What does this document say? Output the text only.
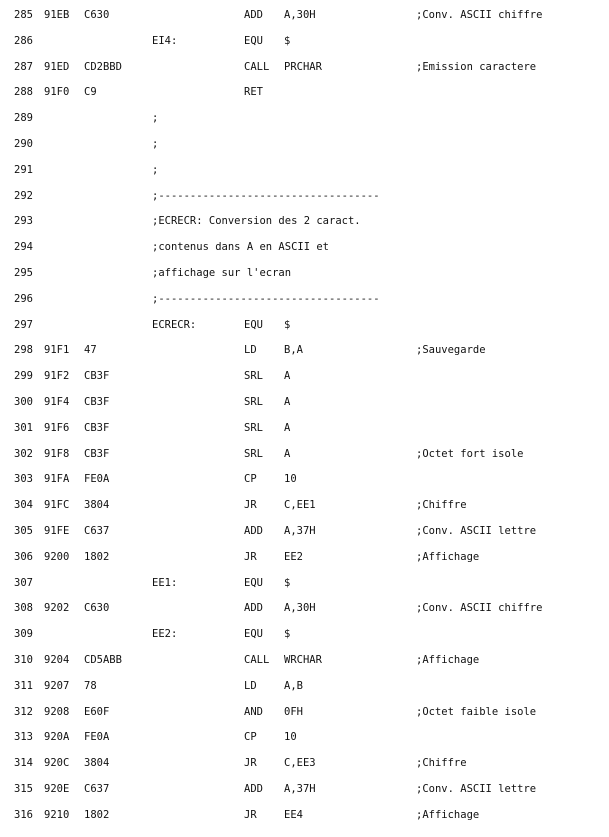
285 91EB C630	ADD A,30H	;Conv. ASCII chiffre
286	EI4:	EQU $
287 91ED CD2BBD	CALL PRCHAR	;Emission caractere
288 91F0 C9	RET
289	;
290	;
291	;
292	;-----------------------------------
293	;ECRECR: Conversion des 2 caract.
294	;contenus dans A en ASCII et
295	;affichage sur l'ecran
296	;-----------------------------------
297	ECRECR:	EQU $
298 91F1 47	LD	B,A	;Sauvegarde
299 91F2 CB3F	SRL A
300 91F4 CB3F	SRL A
301 91F6 CB3F	SRL A
302 91F8 CB3F	SRL A	;Octet fort isole
303 91FA FE0A	CP	10
304 91FC 3804	JR	C,EE1	;Chiffre
305 91FE C637	ADD A,37H	;Conv. ASCII lettre
306 9200 1802	JR	EE2	;Affichage
307	EE1:	EQU $
308 9202 C630	ADD A,30H	;Conv. ASCII chiffre
309	EE2:	EQU $
310 9204 CD5ABB	CALL WRCHAR	;Affichage
311 9207 78	LD	A,B
312 9208 E60F	AND 0FH	;Octet faible isole
313 920A FE0A	CP	10
314 920C 3804	JR	C,EE3	;Chiffre
315 920E C637	ADD A,37H	;Conv. ASCII lettre
316 9210 1802	JR	EE4	;Affichage
